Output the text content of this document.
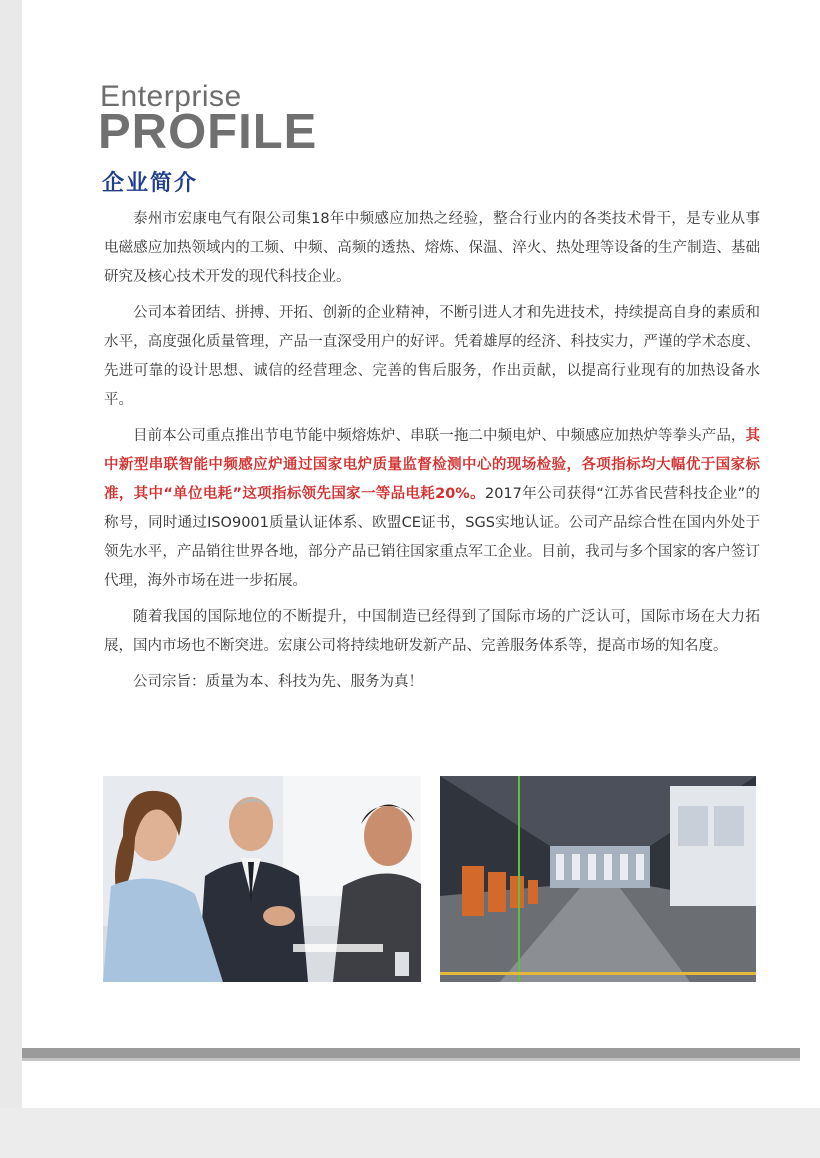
Enterprise
PROFILE
企业简介

泰州市宏康电气有限公司集18年中频感应加热之经验，整合行业内的各类技术骨干，是专业从事电磁感应加热领域内的工频、中频、高频的透热、熔炼、保温、淬火、热处理等设备的生产制造、基础研究及核心技术开发的现代科技企业。

公司本着团结、拼搏、开拓、创新的企业精神，不断引进人才和先进技术，持续提高自身的素质和水平，高度强化质量管理，产品一直深受用户的好评。凭着雄厚的经济、科技实力，严谨的学术态度、先进可靠的设计思想、诚信的经营理念、完善的售后服务，作出贡献，以提高行业现有的加热设备水平。

目前本公司重点推出节电节能中频熔炼炉、串联一拖二中频电炉、中频感应加热炉等拳头产品，其中新型串联智能中频感应炉通过国家电炉质量监督检测中心的现场检验，各项指标均大幅优于国家标准，其中“单位电耗”这项指标领先国家一等品电耗20%。2017年公司获得“江苏省民营科技企业”的称号，同时通过ISO9001质量认证体系、欧盟CE证书，SGS实地认证。公司产品综合性在国内外处于领先水平，产品销往世界各地，部分产品已销往国家重点军工企业。目前，我司与多个国家的客户签订代理，海外市场在进一步拓展。

随着我国的国际地位的不断提升，中国制造已经得到了国际市场的广泛认可，国际市场在大力拓展，国内市场也不断突进。宏康公司将持续地研发新产品、完善服务体系等，提高市场的知名度。

公司宗旨：质量为本、科技为先、服务为真！
